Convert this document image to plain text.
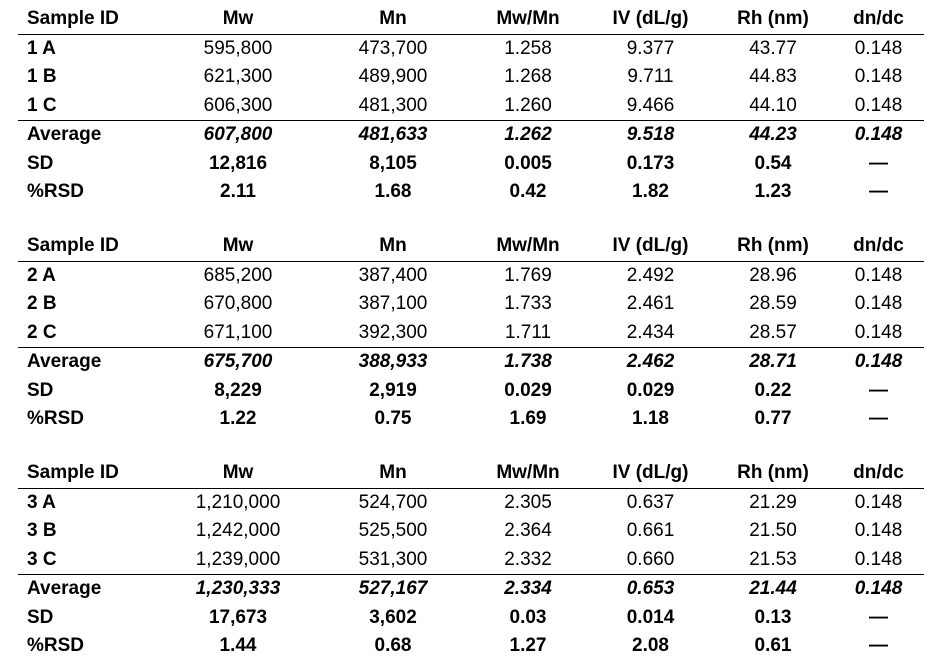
Sample ID	Mw	Mn	Mw/Mn	IV (dL/g)	Rh (nm)	dn/dc
1 A	595,800	473,700	1.258	9.377	43.77	0.148
1 B	621,300	489,900	1.268	9.711	44.83	0.148
1 C	606,300	481,300	1.260	9.466	44.10	0.148
Average	607,800	481,633	1.262	9.518	44.23	0.148
SD	12,816	8,105	0.005	0.173	0.54	—
%RSD	2.11	1.68	0.42	1.82	1.23	—
Sample ID	Mw	Mn	Mw/Mn	IV (dL/g)	Rh (nm)	dn/dc
2 A	685,200	387,400	1.769	2.492	28.96	0.148
2 B	670,800	387,100	1.733	2.461	28.59	0.148
2 C	671,100	392,300	1.711	2.434	28.57	0.148
Average	675,700	388,933	1.738	2.462	28.71	0.148
SD	8,229	2,919	0.029	0.029	0.22	—
%RSD	1.22	0.75	1.69	1.18	0.77	—
Sample ID	Mw	Mn	Mw/Mn	IV (dL/g)	Rh (nm)	dn/dc
3 A	1,210,000	524,700	2.305	0.637	21.29	0.148
3 B	1,242,000	525,500	2.364	0.661	21.50	0.148
3 C	1,239,000	531,300	2.332	0.660	21.53	0.148
Average	1,230,333	527,167	2.334	0.653	21.44	0.148
SD	17,673	3,602	0.03	0.014	0.13	—
%RSD	1.44	0.68	1.27	2.08	0.61	—
